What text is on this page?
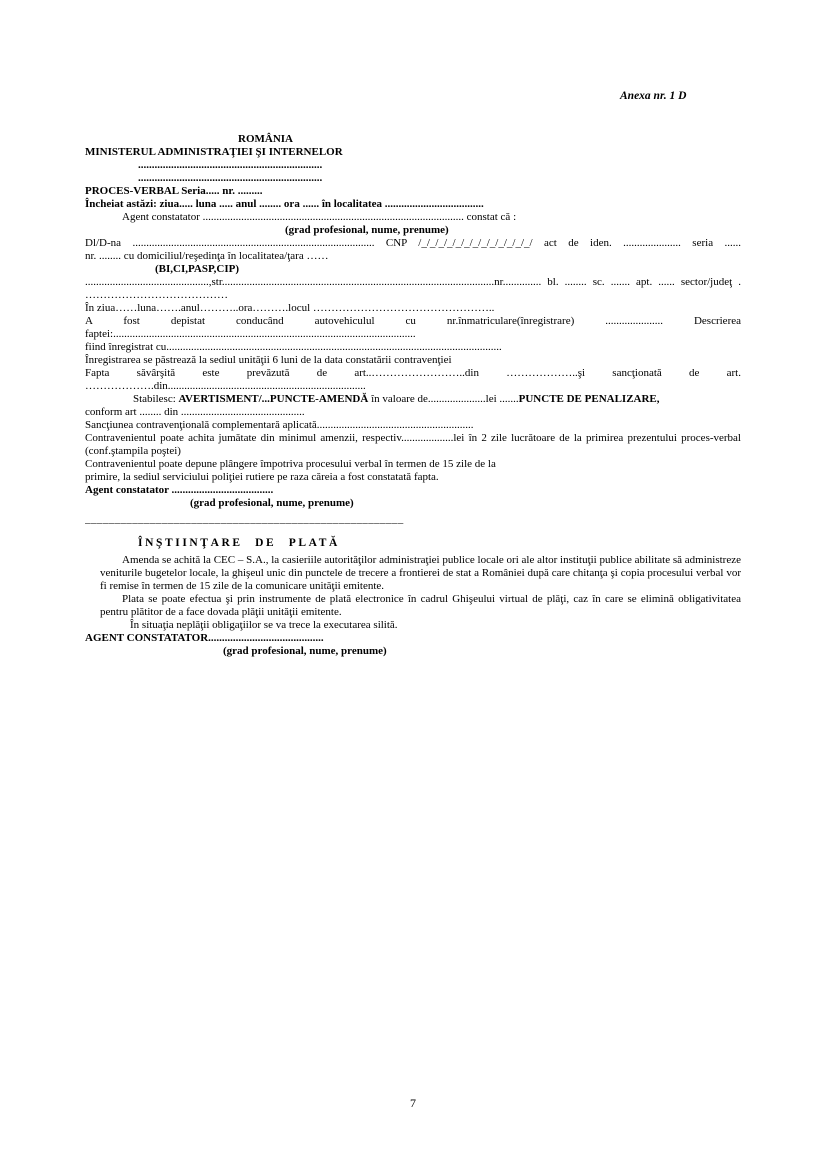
Anexa nr. 1 D
ROMÂNIA
MINISTERUL ADMINISTRAŢIEI ŞI INTERNELOR
...................................................................
...................................................................
PROCES-VERBAL Seria..... nr. .........
Încheiat astăzi: ziua..... luna ..... anul ........ ora ...... în localitatea ....................................
Agent constatator ............................................................................................... constat că :
(grad profesional, nume, prenume)
Dl/D-na ........................................................................................ CNP /_/_/_/_/_/_/_/_/_/_/_/_/_/ act de iden. ..................... seria ......
nr. ........ cu domiciliul/reşedinţa în localitatea/ţara ……
(BI,CI,PASP,CIP)
.............................................,str...................................................................................................nr.............. bl. ........ sc. ....... apt. ...... sector/judeţ .
…………………………………
În ziua……luna…….anul………..ora……….locul …………………………………………..
A fost depistat conducând autovehiculul cu nr.înmatriculare(înregistrare) ..................... Descrierea
faptei:..............................................................................................................
fiind înregistrat cu..........................................................................................................................
Înregistrarea se păstrează la sediul unităţii 6 luni de la data constatării contravenţiei
Fapta săvârşită este prevăzută de art..……………………..din ………………..şi sancţionată de art.
……………….din........................................................................
Stabilesc: AVERTISMENT/...PUNCTE-AMENDĂ în valoare de.....................lei .......PUNCTE DE PENALIZARE,
conform art ........ din .............................................
Sancţiunea contravenţională complementară aplicată.........................................................
Contravenientul poate achita jumătate din minimul amenzii, respectiv...................lei în 2 zile lucrătoare de la primirea prezentului proces-verbal (conf.ştampila poştei)
Contravenientul poate depune plângere împotriva procesului verbal în termen de 15 zile de la
primire, la sediul serviciului poliţiei rutiere pe raza căreia a fost constatată fapta.
Agent constatator .....................................
(grad profesional, nume, prenume)
______________________________________________________
ÎNŞTIINŢARE DE PLATĂ
Amenda se achită la CEC – S.A., la casieriile autorităţilor administraţiei publice locale ori ale altor instituţii publice abilitate să administreze veniturile bugetelor locale, la ghişeul unic din punctele de trecere a frontierei de stat a României după care chitanţa şi copia procesului verbal vor fi remise în termen de 15 zile de la comunicare unităţii emitente.
Plata se poate efectua şi prin instrumente de plată electronice în cadrul Ghişeului virtual de plăţi, caz în care se elimină obligativitatea pentru plătitor de a face dovada plăţii unităţii emitente.
În situaţia neplăţii obligaţiilor se va trece la executarea silită.
AGENT CONSTATATOR..........................................
(grad profesional, nume, prenume)
7
